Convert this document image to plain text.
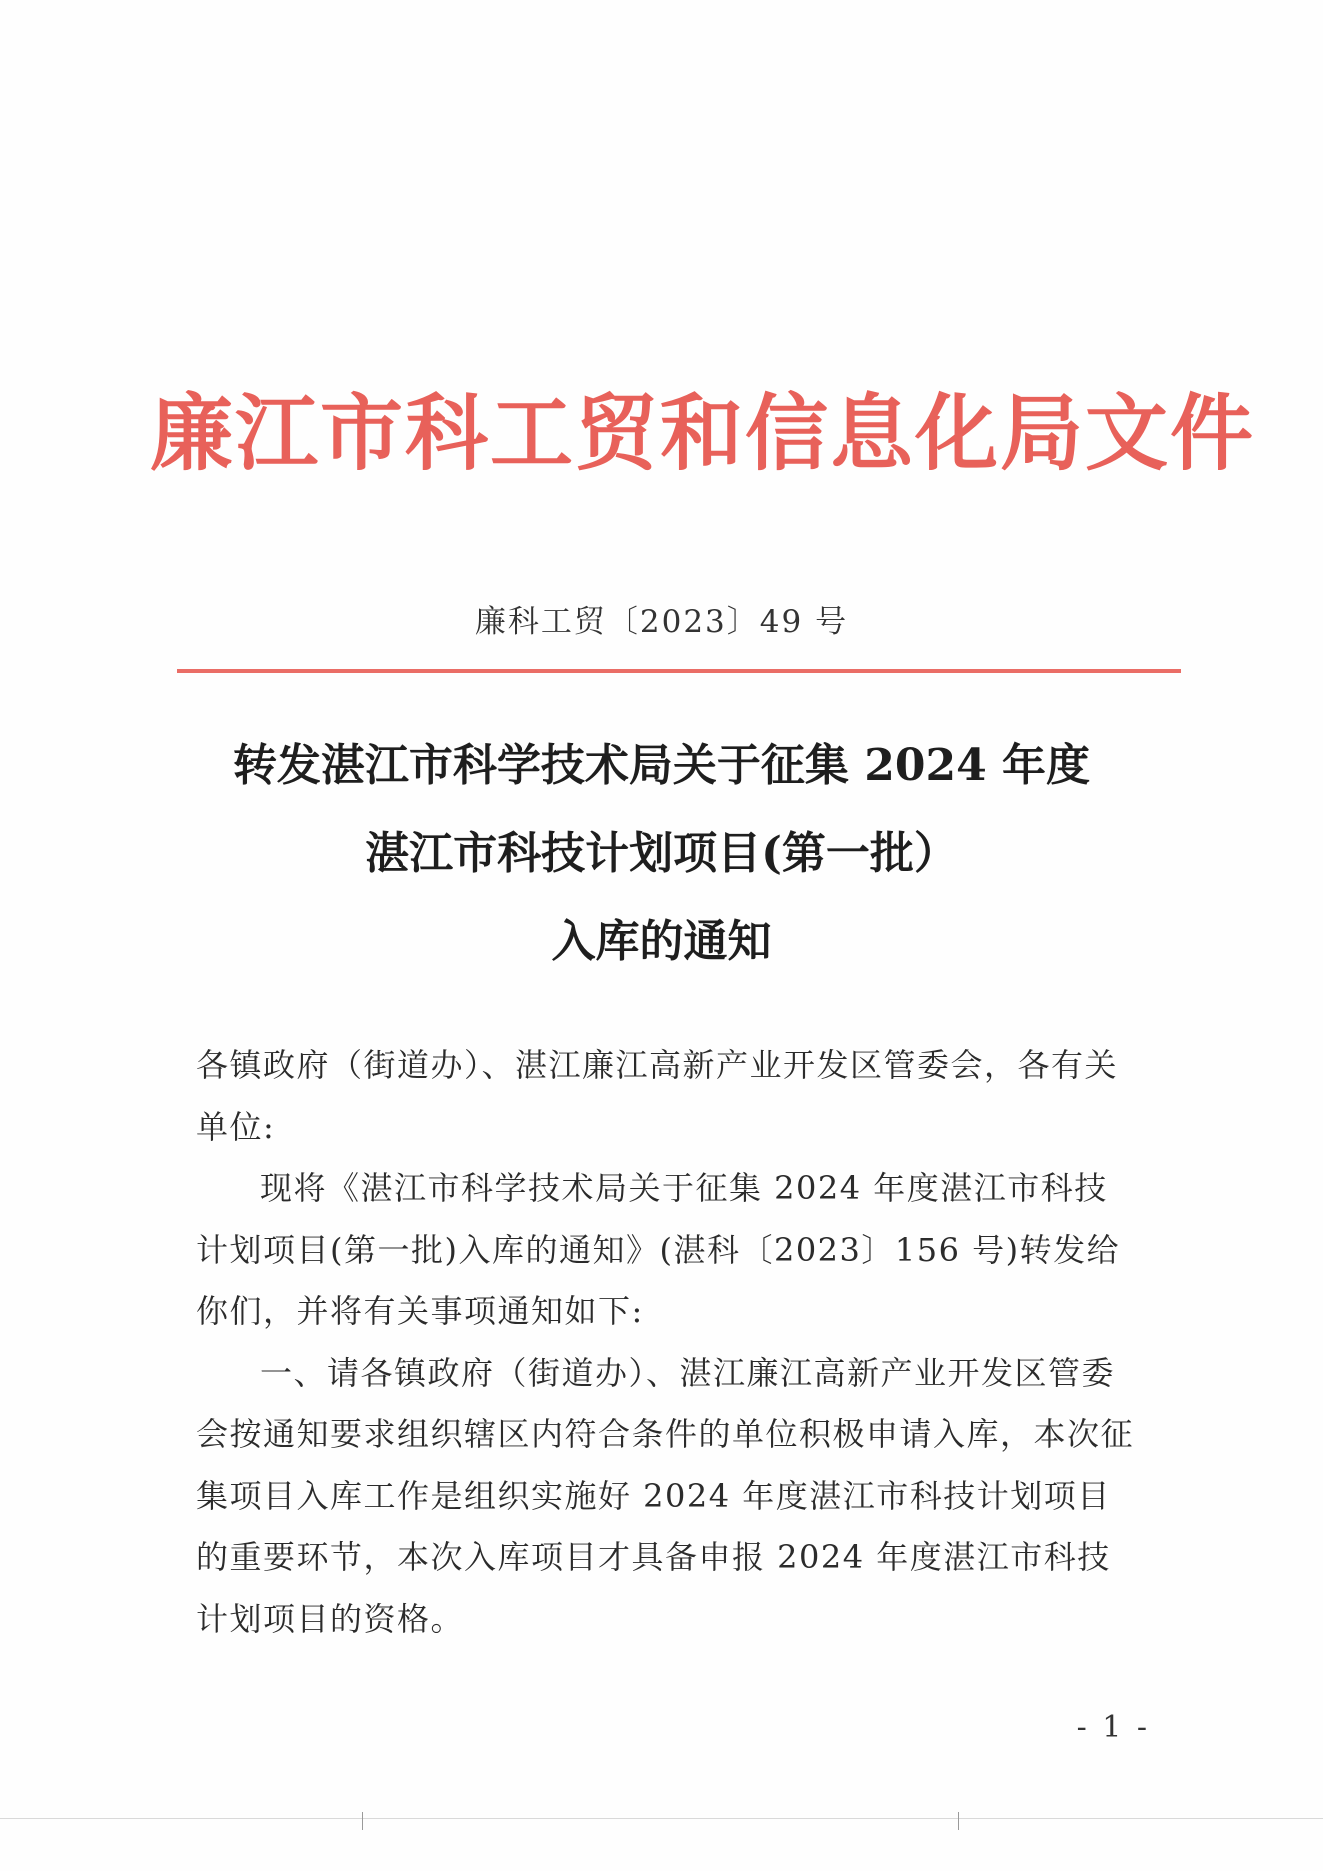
廉江市科工贸和信息化局文件
廉科工贸〔2023〕49 号
转发湛江市科学技术局关于征集 2024 年度
湛江市科技计划项目(第一批）
入库的通知

各镇政府（街道办）、湛江廉江高新产业开发区管委会，各有关单位:

现将《湛江市科学技术局关于征集 2024 年度湛江市科技计划项目(第一批)入库的通知》(湛科〔2023〕156 号)转发给你们，并将有关事项通知如下:

一、请各镇政府（街道办）、湛江廉江高新产业开发区管委会按通知要求组织辖区内符合条件的单位积极申请入库，本次征集项目入库工作是组织实施好 2024 年度湛江市科技计划项目的重要环节，本次入库项目才具备申报 2024 年度湛江市科技计划项目的资格。

- 1 -
